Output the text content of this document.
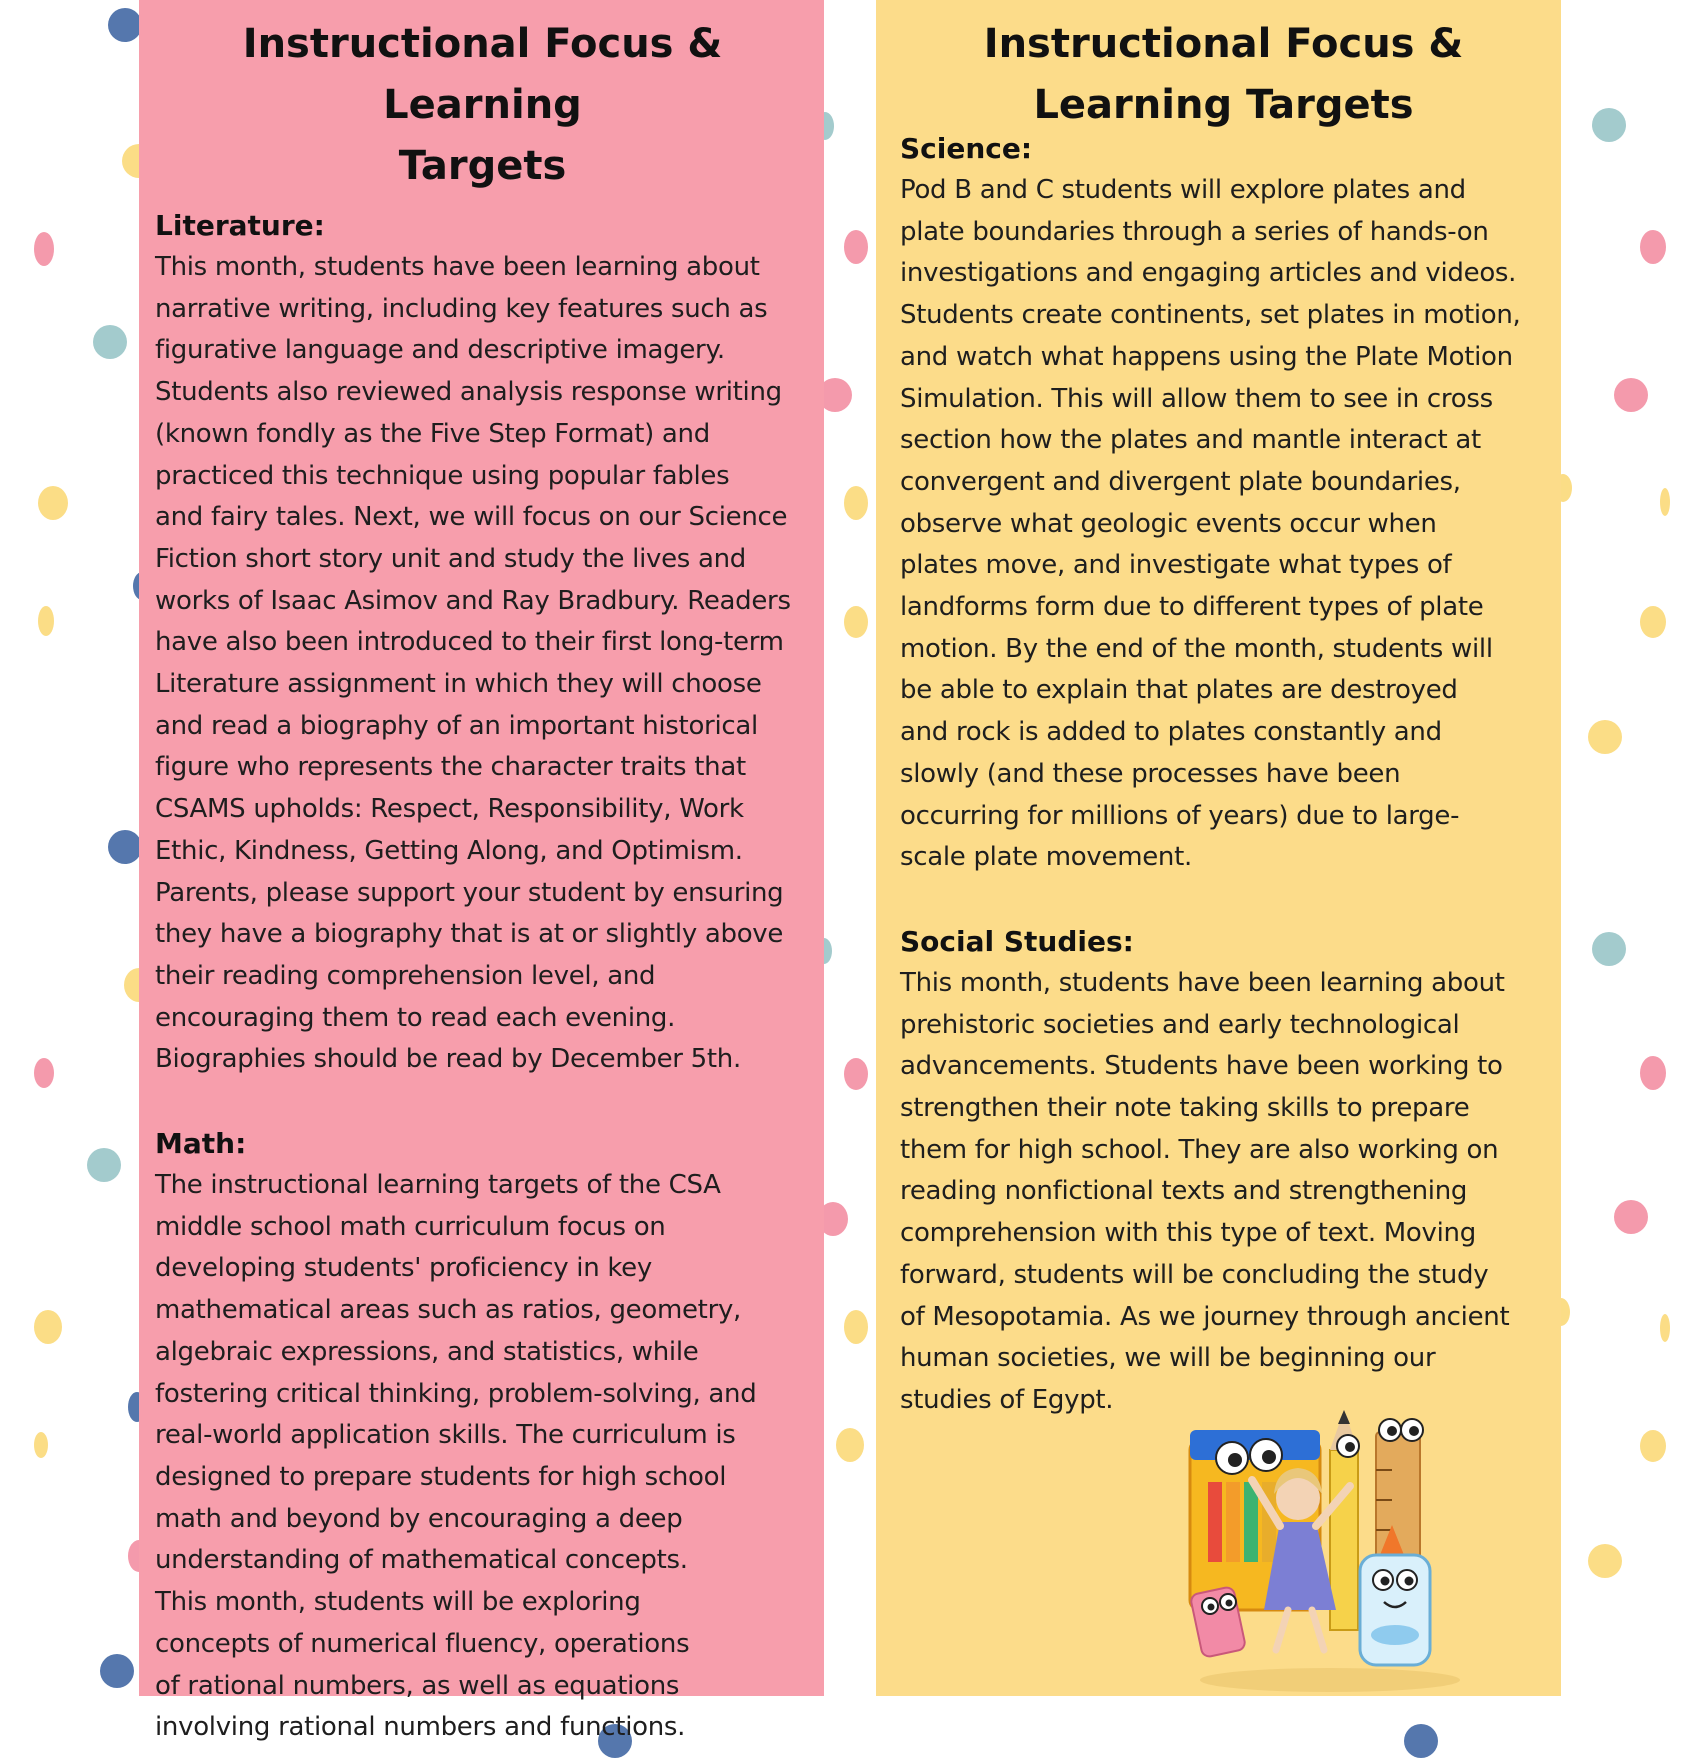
Instructional Focus & Learning
Targets
Literature:

This month, students have been learning about
narrative writing, including key features such as
figurative language and descriptive imagery.
Students also reviewed analysis response writing
(known fondly as the Five Step Format) and
practiced this technique using popular fables
and fairy tales. Next, we will focus on our Science
Fiction short story unit and study the lives and
works of Isaac Asimov and Ray Bradbury. Readers
have also been introduced to their first long-term
Literature assignment in which they will choose
and read a biography of an important historical
figure who represents the character traits that
CSAMS upholds: Respect, Responsibility, Work
Ethic, Kindness, Getting Along, and Optimism.
Parents, please support your student by ensuring
they have a biography that is at or slightly above
their reading comprehension level, and
encouraging them to read each evening.
Biographies should be read by December 5th.

Math:

The instructional learning targets of the CSA
middle school math curriculum focus on
developing students' proficiency in key
mathematical areas such as ratios, geometry,
algebraic expressions, and statistics, while
fostering critical thinking, problem-solving, and
real-world application skills. The curriculum is
designed to prepare students for high school
math and beyond by encouraging a deep
understanding of mathematical concepts.
This month, students will be exploring
concepts of numerical fluency, operations
of rational numbers, as well as equations
involving rational numbers and functions.

Instructional Focus &
Learning Targets
Science:

Pod B and C students will explore plates and
plate boundaries through a series of hands-on
investigations and engaging articles and videos.
Students create continents, set plates in motion,
and watch what happens using the Plate Motion
Simulation. This will allow them to see in cross
section how the plates and mantle interact at
convergent and divergent plate boundaries,
observe what geologic events occur when
plates move, and investigate what types of
landforms form due to different types of plate
motion. By the end of the month, students will
be able to explain that plates are destroyed
and rock is added to plates constantly and
slowly (and these processes have been
occurring for millions of years) due to large-
scale plate movement.

Social Studies:

This month, students have been learning about
prehistoric societies and early technological
advancements. Students have been working to
strengthen their note taking skills to prepare
them for high school. They are also working on
reading nonfictional texts and strengthening
comprehension with this type of text. Moving
forward, students will be concluding the study
of Mesopotamia. As we journey through ancient
human societies, we will be beginning our
studies of Egypt.
